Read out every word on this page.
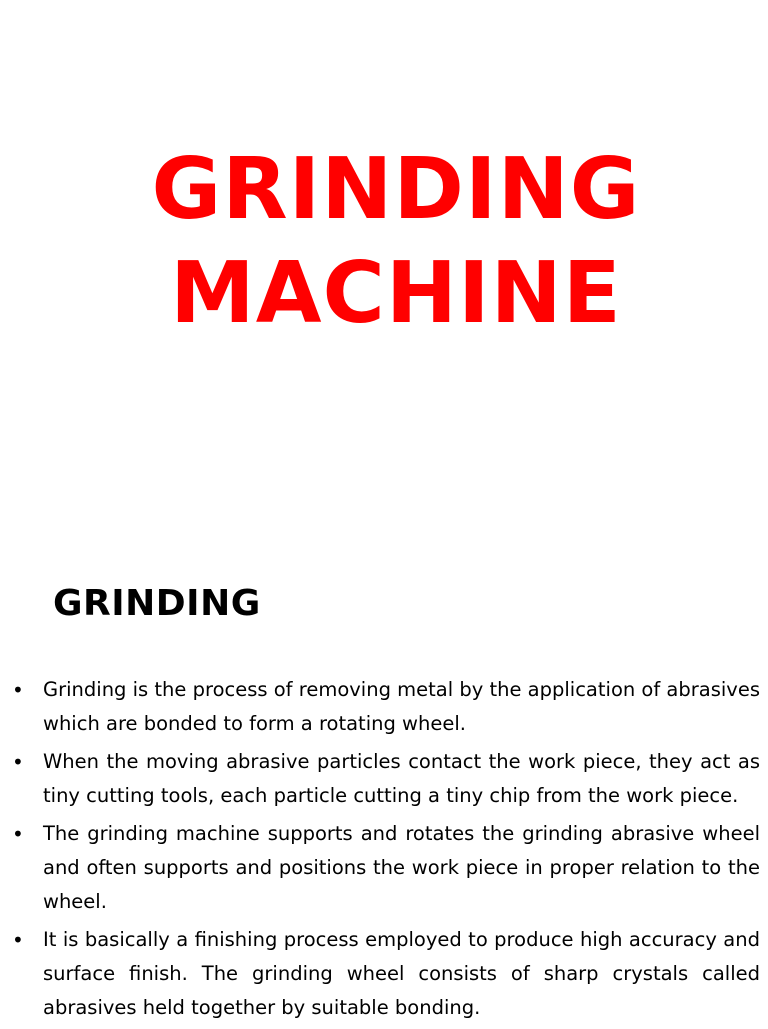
GRINDING
MACHINE
GRINDING
• Grinding is the process of removing metal by the application of abrasives which are bonded to form a rotating wheel.
• When the moving abrasive particles contact the work piece, they act as tiny cutting tools, each particle cutting a tiny chip from the work piece.
• The grinding machine supports and rotates the grinding abrasive wheel and often supports and positions the work piece in proper relation to the wheel.
• It is basically a finishing process employed to produce high accuracy and surface finish. The grinding wheel consists of sharp crystals called abrasives held together by suitable bonding.
